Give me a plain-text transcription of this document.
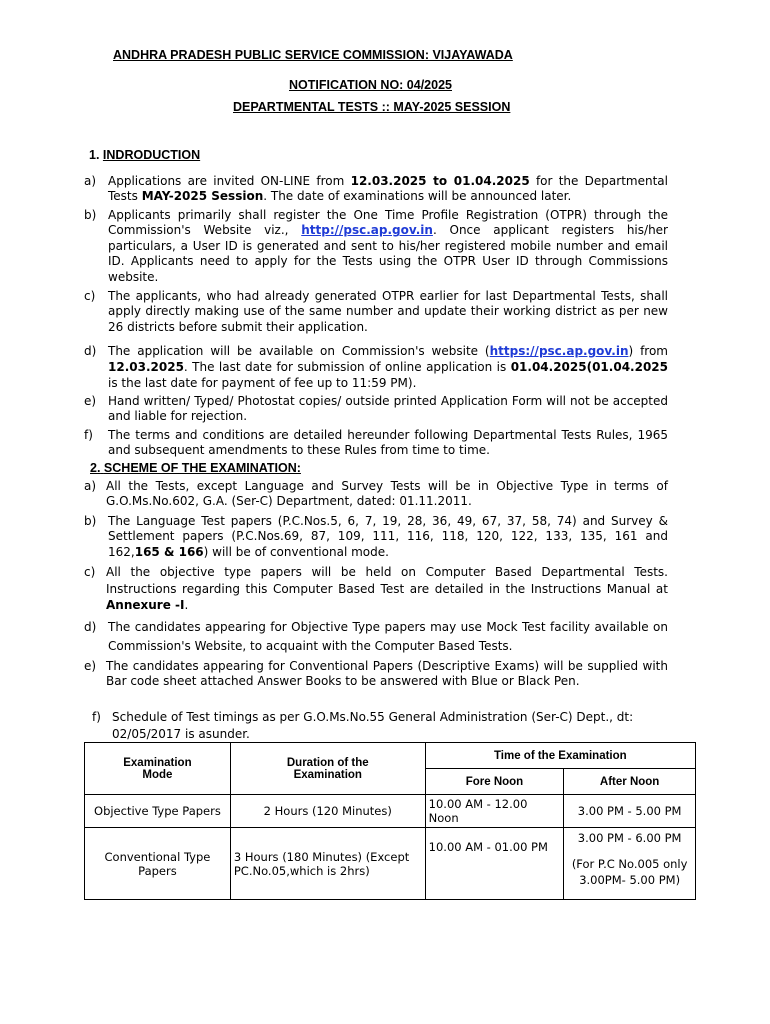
ANDHRA PRADESH PUBLIC SERVICE COMMISSION: VIJAYAWADA
NOTIFICATION NO: 04/2025
DEPARTMENTAL TESTS :: MAY-2025 SESSION
1. INDRODUCTION
a) Applications are invited ON-LINE from 12.03.2025 to 01.04.2025 for the Departmental Tests MAY-2025 Session. The date of examinations will be announced later.
b) Applicants primarily shall register the One Time Profile Registration (OTPR) through the Commission's Website viz., http://psc.ap.gov.in. Once applicant registers his/her particulars, a User ID is generated and sent to his/her registered mobile number and email ID. Applicants need to apply for the Tests using the OTPR User ID through Commissions website.
c) The applicants, who had already generated OTPR earlier for last Departmental Tests, shall apply directly making use of the same number and update their working district as per new 26 districts before submit their application.
d) The application will be available on Commission's website (https://psc.ap.gov.in) from 12.03.2025. The last date for submission of online application is 01.04.2025(01.04.2025 is the last date for payment of fee up to 11:59 PM).
e) Hand written/ Typed/ Photostat copies/ outside printed Application Form will not be accepted and liable for rejection.
f) The terms and conditions are detailed hereunder following Departmental Tests Rules, 1965 and subsequent amendments to these Rules from time to time.
2. SCHEME OF THE EXAMINATION:
a) All the Tests, except Language and Survey Tests will be in Objective Type in terms of G.O.Ms.No.602, G.A. (Ser-C) Department, dated: 01.11.2011.
b) The Language Test papers (P.C.Nos.5, 6, 7, 19, 28, 36, 49, 67, 37, 58, 74) and Survey & Settlement papers (P.C.Nos.69, 87, 109, 111, 116, 118, 120, 122, 133, 135, 161 and 162,165 & 166) will be of conventional mode.
c) All the objective type papers will be held on Computer Based Departmental Tests. Instructions regarding this Computer Based Test are detailed in the Instructions Manual at Annexure -I.
d) The candidates appearing for Objective Type papers may use Mock Test facility available on Commission's Website, to acquaint with the Computer Based Tests.
e) The candidates appearing for Conventional Papers (Descriptive Exams) will be supplied with Bar code sheet attached Answer Books to be answered with Blue or Black Pen.
f) Schedule of Test timings as per G.O.Ms.No.55 General Administration (Ser-C) Dept., dt: 02/05/2017 is asunder.
Examination Mode	Duration of the Examination	Time of the Examination	
		Fore Noon	After Noon
Objective Type Papers	2 Hours (120 Minutes)	10.00 AM - 12.00 Noon	3.00 PM - 5.00 PM
Conventional Type Papers	3 Hours (180 Minutes) (Except PC.No.05,which is 2hrs)	10.00 AM - 01.00 PM	3.00 PM - 6.00 PM
(For P.C No.005 only
3.00PM- 5.00 PM)
